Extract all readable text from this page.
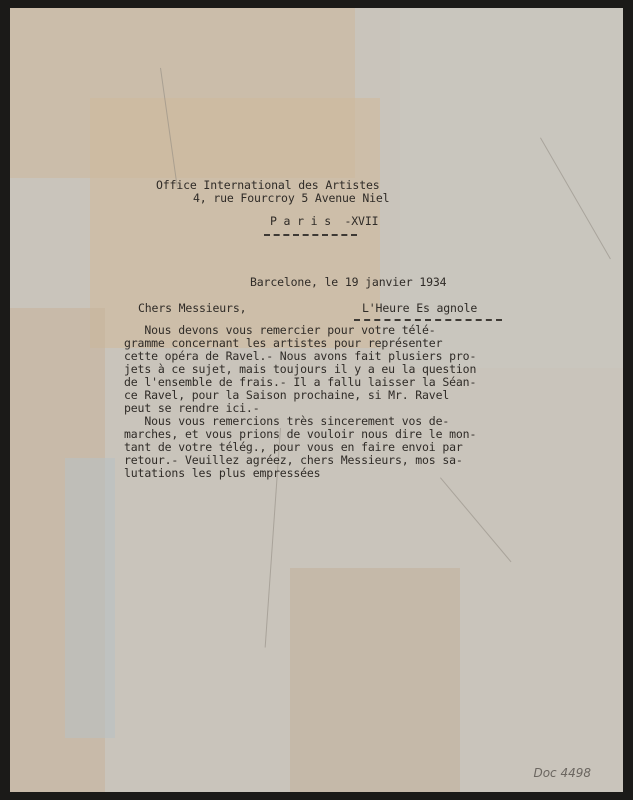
Office International des Artistes
4, rue Fourcroy 5 Avenue Niel
P a r i s  -XVII
Barcelone, le 19 janvier 1934
Chers Messieurs,	L'Heure Es agnole
Nous devons vous remercier pour votre télé-
gramme concernant les artistes pour représenter
cette opéra de Ravel.- Nous avons fait plusiers pro-
jets à ce sujet, mais toujours il y a eu la question
de l'ensemble de frais.- Il a fallu laisser la Séan-
ce Ravel, pour la Saison prochaine, si Mr. Ravel
peut se rendre ici.-
Nous vous remercions très sincerement vos de-
marches, et vous prions de vouloir nous dire le mon-
tant de votre télég., pour vous en faire envoi par
retour.- Veuillez agréez, chers Messieurs, mos sa-
lutations les plus empressées
Doc 4498
